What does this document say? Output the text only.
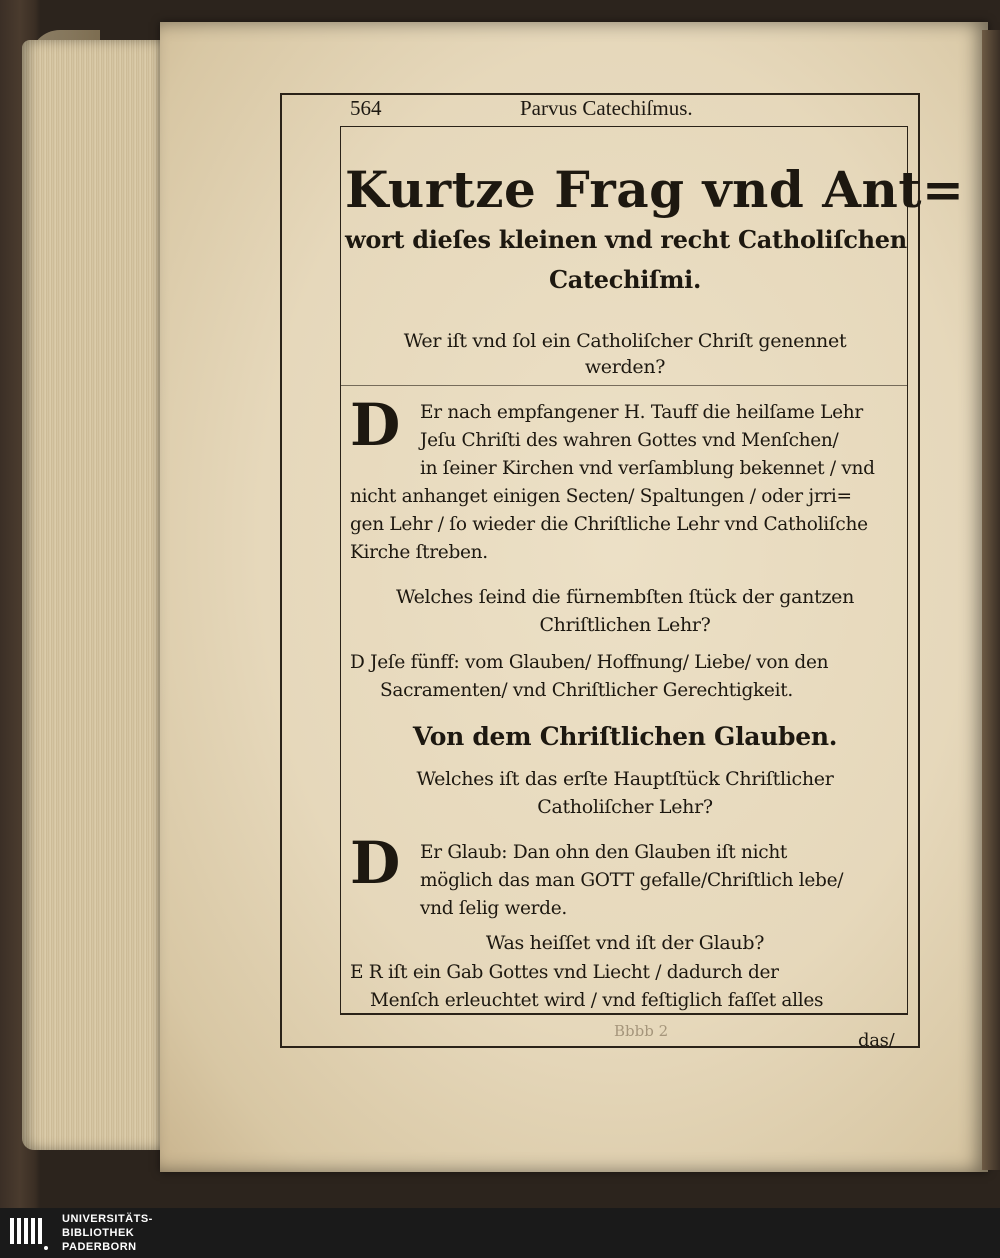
564	Parvus Catechiſmus.
Kurtze Frag vnd Ant=
wort dieſes kleinen vnd recht Catholiſchen
Catechiſmi.
Wer iſt vnd ſol ein Catholiſcher Chriſt genennet
werden?
D Er nach empfangener H. Tauff die heilſame Lehr
Jeſu Chriſti des wahren Gottes vnd Menſchen/
in ſeiner Kirchen vnd verſamblung bekennet / vnd
nicht anhanget einigen Secten/ Spaltungen / oder jrri=
gen Lehr / ſo wieder die Chriſtliche Lehr vnd Catholiſche
Kirche ſtreben.
Welches ſeind die fürnembſten ſtück der gantzen
Chriſtlichen Lehr?
D Jeſe fünff: vom Glauben/ Hoffnung/ Liebe/ von den
Sacramenten/ vnd Chriſtlicher Gerechtigkeit.
Von dem Chriſtlichen Glauben.
Welches iſt das erſte Hauptſtück Chriſtlicher
Catholiſcher Lehr?
D Er Glaub: Dan ohn den Glauben iſt nicht
möglich das man GOTT gefalle/Chriſtlich lebe/
vnd ſelig werde.
Was heiſſet vnd iſt der Glaub?
E R iſt ein Gab Gottes vnd Liecht / dadurch der
Menſch erleuchtet wird / vnd feſtiglich faſſet alles
Bbbb 2	das/
UNIVERSITÄTS-
BIBLIOTHEK
PADERBORN
